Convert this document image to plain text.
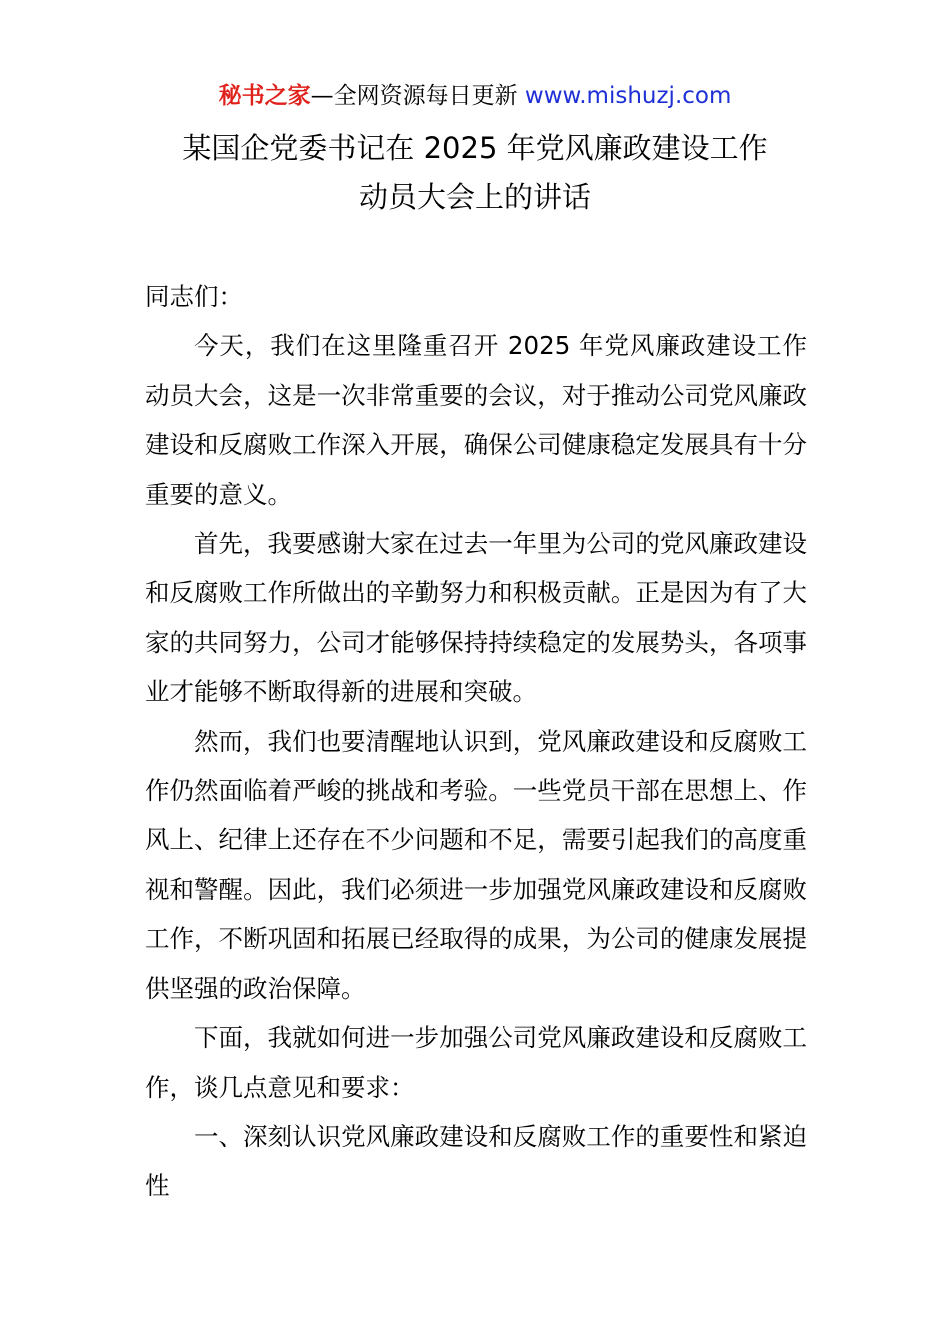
秘书之家—全网资源每日更新 www.mishuzj.com
某国企党委书记在 2025 年党风廉政建设工作
动员大会上的讲话

同志们：

今天，我们在这里隆重召开 2025 年党风廉政建设工作动员大会，这是一次非常重要的会议，对于推动公司党风廉政建设和反腐败工作深入开展，确保公司健康稳定发展具有十分重要的意义。

首先，我要感谢大家在过去一年里为公司的党风廉政建设和反腐败工作所做出的辛勤努力和积极贡献。正是因为有了大家的共同努力，公司才能够保持持续稳定的发展势头，各项事业才能够不断取得新的进展和突破。

然而，我们也要清醒地认识到，党风廉政建设和反腐败工作仍然面临着严峻的挑战和考验。一些党员干部在思想上、作风上、纪律上还存在不少问题和不足，需要引起我们的高度重视和警醒。因此，我们必须进一步加强党风廉政建设和反腐败工作，不断巩固和拓展已经取得的成果，为公司的健康发展提供坚强的政治保障。

下面，我就如何进一步加强公司党风廉政建设和反腐败工作，谈几点意见和要求：

一、深刻认识党风廉政建设和反腐败工作的重要性和紧迫性
